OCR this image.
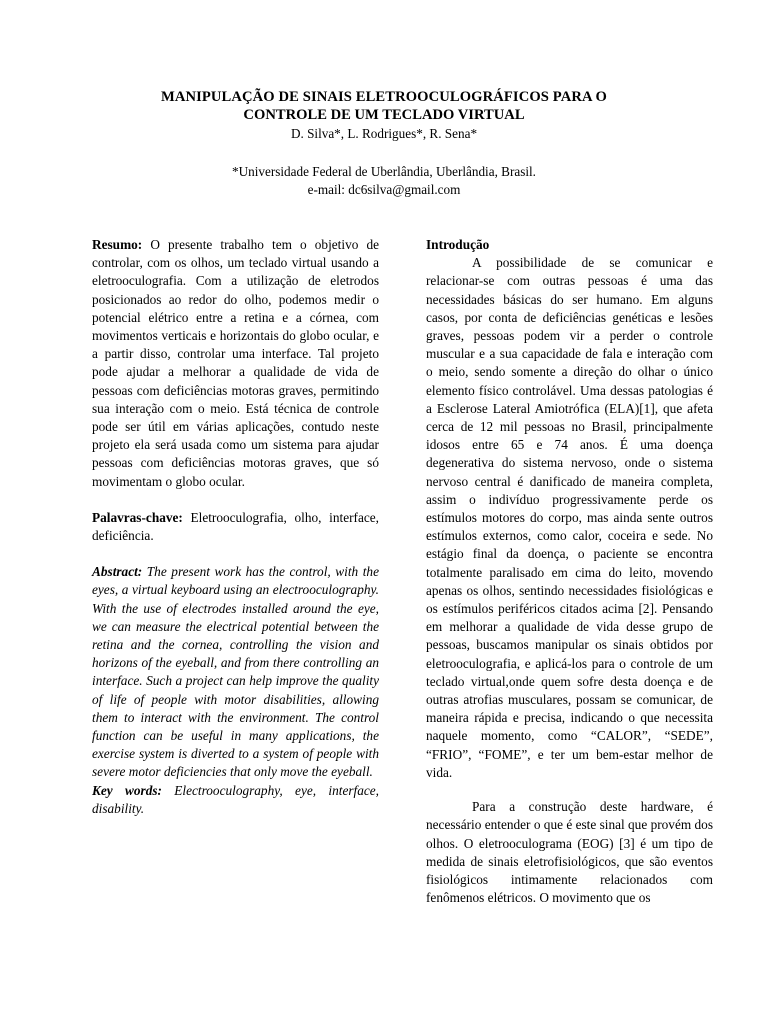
MANIPULAÇÃO DE SINAIS ELETROOCULOGRÁFICOS PARA O
CONTROLE DE UM TECLADO VIRTUAL
D. Silva*, L. Rodrigues*, R. Sena*
*Universidade Federal de Uberlândia, Uberlândia, Brasil.
e-mail: dc6silva@gmail.com

Resumo: O presente trabalho tem o objetivo de controlar, com os olhos, um teclado virtual usando a eletrooculografia. Com a utilização de eletrodos posicionados ao redor do olho, podemos medir o potencial elétrico entre a retina e a córnea, com movimentos verticais e horizontais do globo ocular, e a partir disso, controlar uma interface. Tal projeto pode ajudar a melhorar a qualidade de vida de pessoas com deficiências motoras graves, permitindo sua interação com o meio. Está técnica de controle pode ser útil em várias aplicações, contudo neste projeto ela será usada como um sistema para ajudar pessoas com deficiências motoras graves, que só movimentam o globo ocular.

Palavras-chave: Eletrooculografia, olho, interface, deficiência.

Abstract: The present work has the control, with the eyes, a virtual keyboard using an electrooculography. With the use of electrodes installed around the eye, we can measure the electrical potential between the retina and the cornea, controlling the vision and horizons of the eyeball, and from there controlling an interface. Such a project can help improve the quality of life of people with motor disabilities, allowing them to interact with the environment. The control function can be useful in many applications, the exercise system is diverted to a system of people with severe motor deficiencies that only move the eyeball.

Key words: Electrooculography, eye, interface, disability.

Introdução

A possibilidade de se comunicar e relacionar-se com outras pessoas é uma das necessidades básicas do ser humano. Em alguns casos, por conta de deficiências genéticas e lesões graves, pessoas podem vir a perder o controle muscular e a sua capacidade de fala e interação com o meio, sendo somente a direção do olhar o único elemento físico controlável. Uma dessas patologias é a Esclerose Lateral Amiotrófica (ELA)[1], que afeta cerca de 12 mil pessoas no Brasil, principalmente idosos entre 65 e 74 anos. É uma doença degenerativa do sistema nervoso, onde o sistema nervoso central é danificado de maneira completa, assim o indivíduo progressivamente perde os estímulos motores do corpo, mas ainda sente outros estímulos externos, como calor, coceira e sede. No estágio final da doença, o paciente se encontra totalmente paralisado em cima do leito, movendo apenas os olhos, sentindo necessidades fisiológicas e os estímulos periféricos citados acima [2]. Pensando em melhorar a qualidade de vida desse grupo de pessoas, buscamos manipular os sinais obtidos por eletrooculografia, e aplicá-los para o controle de um teclado virtual,onde quem sofre desta doença e de outras atrofias musculares, possam se comunicar, de maneira rápida e precisa, indicando o que necessita naquele momento, como “CALOR”, “SEDE”, “FRIO”, “FOME”, e ter um bem-estar melhor de vida.

Para a construção deste hardware, é necessário entender o que é este sinal que provém dos olhos. O eletrooculograma (EOG) [3] é um tipo de medida de sinais eletrofisiológicos, que são eventos fisiológicos intimamente relacionados com fenômenos elétricos. O movimento que os
